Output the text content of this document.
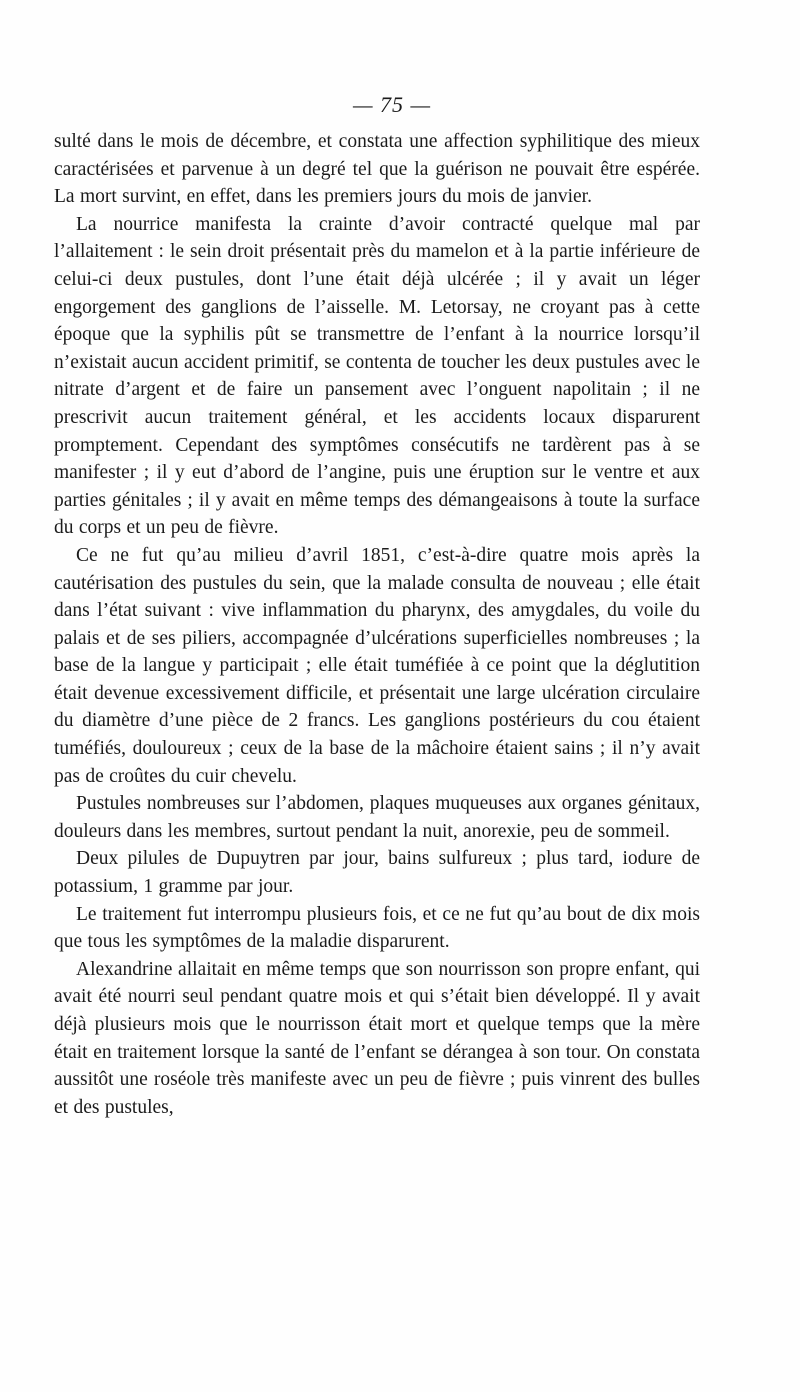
— 75 —

sulté dans le mois de décembre, et constata une affection syphilitique des mieux caractérisées et parvenue à un degré tel que la guérison ne pouvait être espérée. La mort survint, en effet, dans les premiers jours du mois de janvier.

La nourrice manifesta la crainte d’avoir contracté quelque mal par l’allaitement : le sein droit présentait près du mamelon et à la partie inférieure de celui-ci deux pustules, dont l’une était déjà ulcérée ; il y avait un léger engorgement des ganglions de l’aisselle. M. Letorsay, ne croyant pas à cette époque que la syphilis pût se transmettre de l’enfant à la nourrice lorsqu’il n’existait aucun accident primitif, se contenta de toucher les deux pustules avec le nitrate d’argent et de faire un pansement avec l’onguent napolitain ; il ne prescrivit aucun traitement général, et les accidents locaux disparurent promptement. Cependant des symptômes consécutifs ne tardèrent pas à se manifester ; il y eut d’abord de l’angine, puis une éruption sur le ventre et aux parties génitales ; il y avait en même temps des démangeaisons à toute la surface du corps et un peu de fièvre.

Ce ne fut qu’au milieu d’avril 1851, c’est-à-dire quatre mois après la cautérisation des pustules du sein, que la malade consulta de nouveau ; elle était dans l’état suivant : vive inflammation du pharynx, des amygdales, du voile du palais et de ses piliers, accompagnée d’ulcérations superficielles nombreuses ; la base de la langue y participait ; elle était tuméfiée à ce point que la déglutition était devenue excessivement difficile, et présentait une large ulcération circulaire du diamètre d’une pièce de 2 francs. Les ganglions postérieurs du cou étaient tuméfiés, douloureux ; ceux de la base de la mâchoire étaient sains ; il n’y avait pas de croûtes du cuir chevelu.

Pustules nombreuses sur l’abdomen, plaques muqueuses aux organes génitaux, douleurs dans les membres, surtout pendant la nuit, anorexie, peu de sommeil.

Deux pilules de Dupuytren par jour, bains sulfureux ; plus tard, iodure de potassium, 1 gramme par jour.

Le traitement fut interrompu plusieurs fois, et ce ne fut qu’au bout de dix mois que tous les symptômes de la maladie disparurent.

Alexandrine allaitait en même temps que son nourrisson son propre enfant, qui avait été nourri seul pendant quatre mois et qui s’était bien développé. Il y avait déjà plusieurs mois que le nourrisson était mort et quelque temps que la mère était en traitement lorsque la santé de l’enfant se dérangea à son tour. On constata aussitôt une roséole très manifeste avec un peu de fièvre ; puis vinrent des bulles et des pustules,
